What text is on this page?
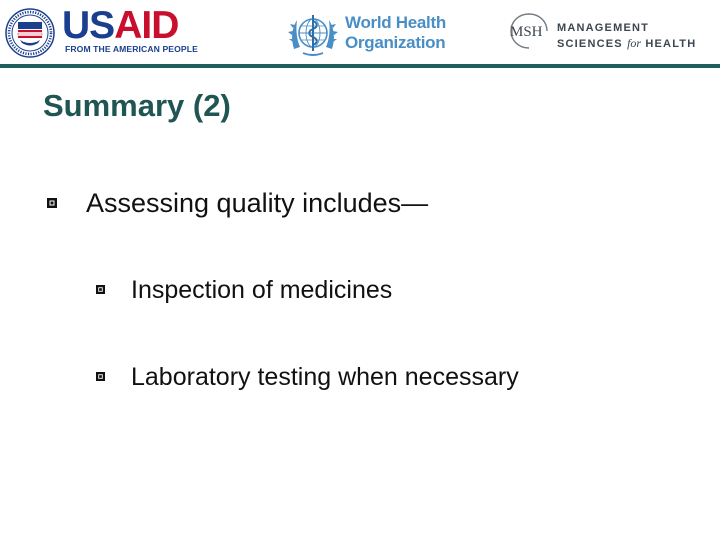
USAID
FROM THE AMERICAN PEOPLE
World Health
Organization
MSH MANAGEMENT
SCIENCES for HEALTH
Summary (2)
Assessing quality includes—
Inspection of medicines
Laboratory testing when necessary
